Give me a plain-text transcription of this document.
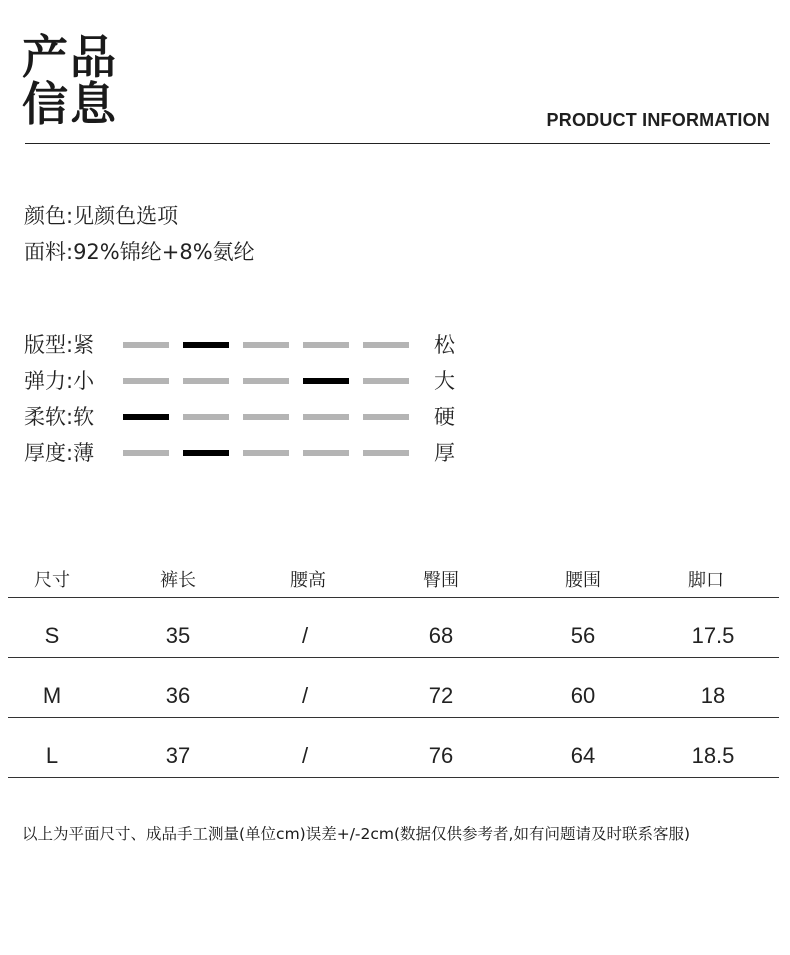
产品
信息	PRODUCT INFORMATION
颜色:见颜色选项
面料:92%锦纶+8%氨纶
版型:紧	松
弹力:小	大
柔软:软	硬
厚度:薄	厚
尺寸	裤长	腰高	臀围	腰围	脚口
S	35	/	68	56	17.5
M	36	/	72	60	18
L	37	/	76	64	18.5
以上为平面尺寸、成品手工测量(单位cm)误差+/-2cm(数据仅供参考者,如有问题请及时联系客服)
